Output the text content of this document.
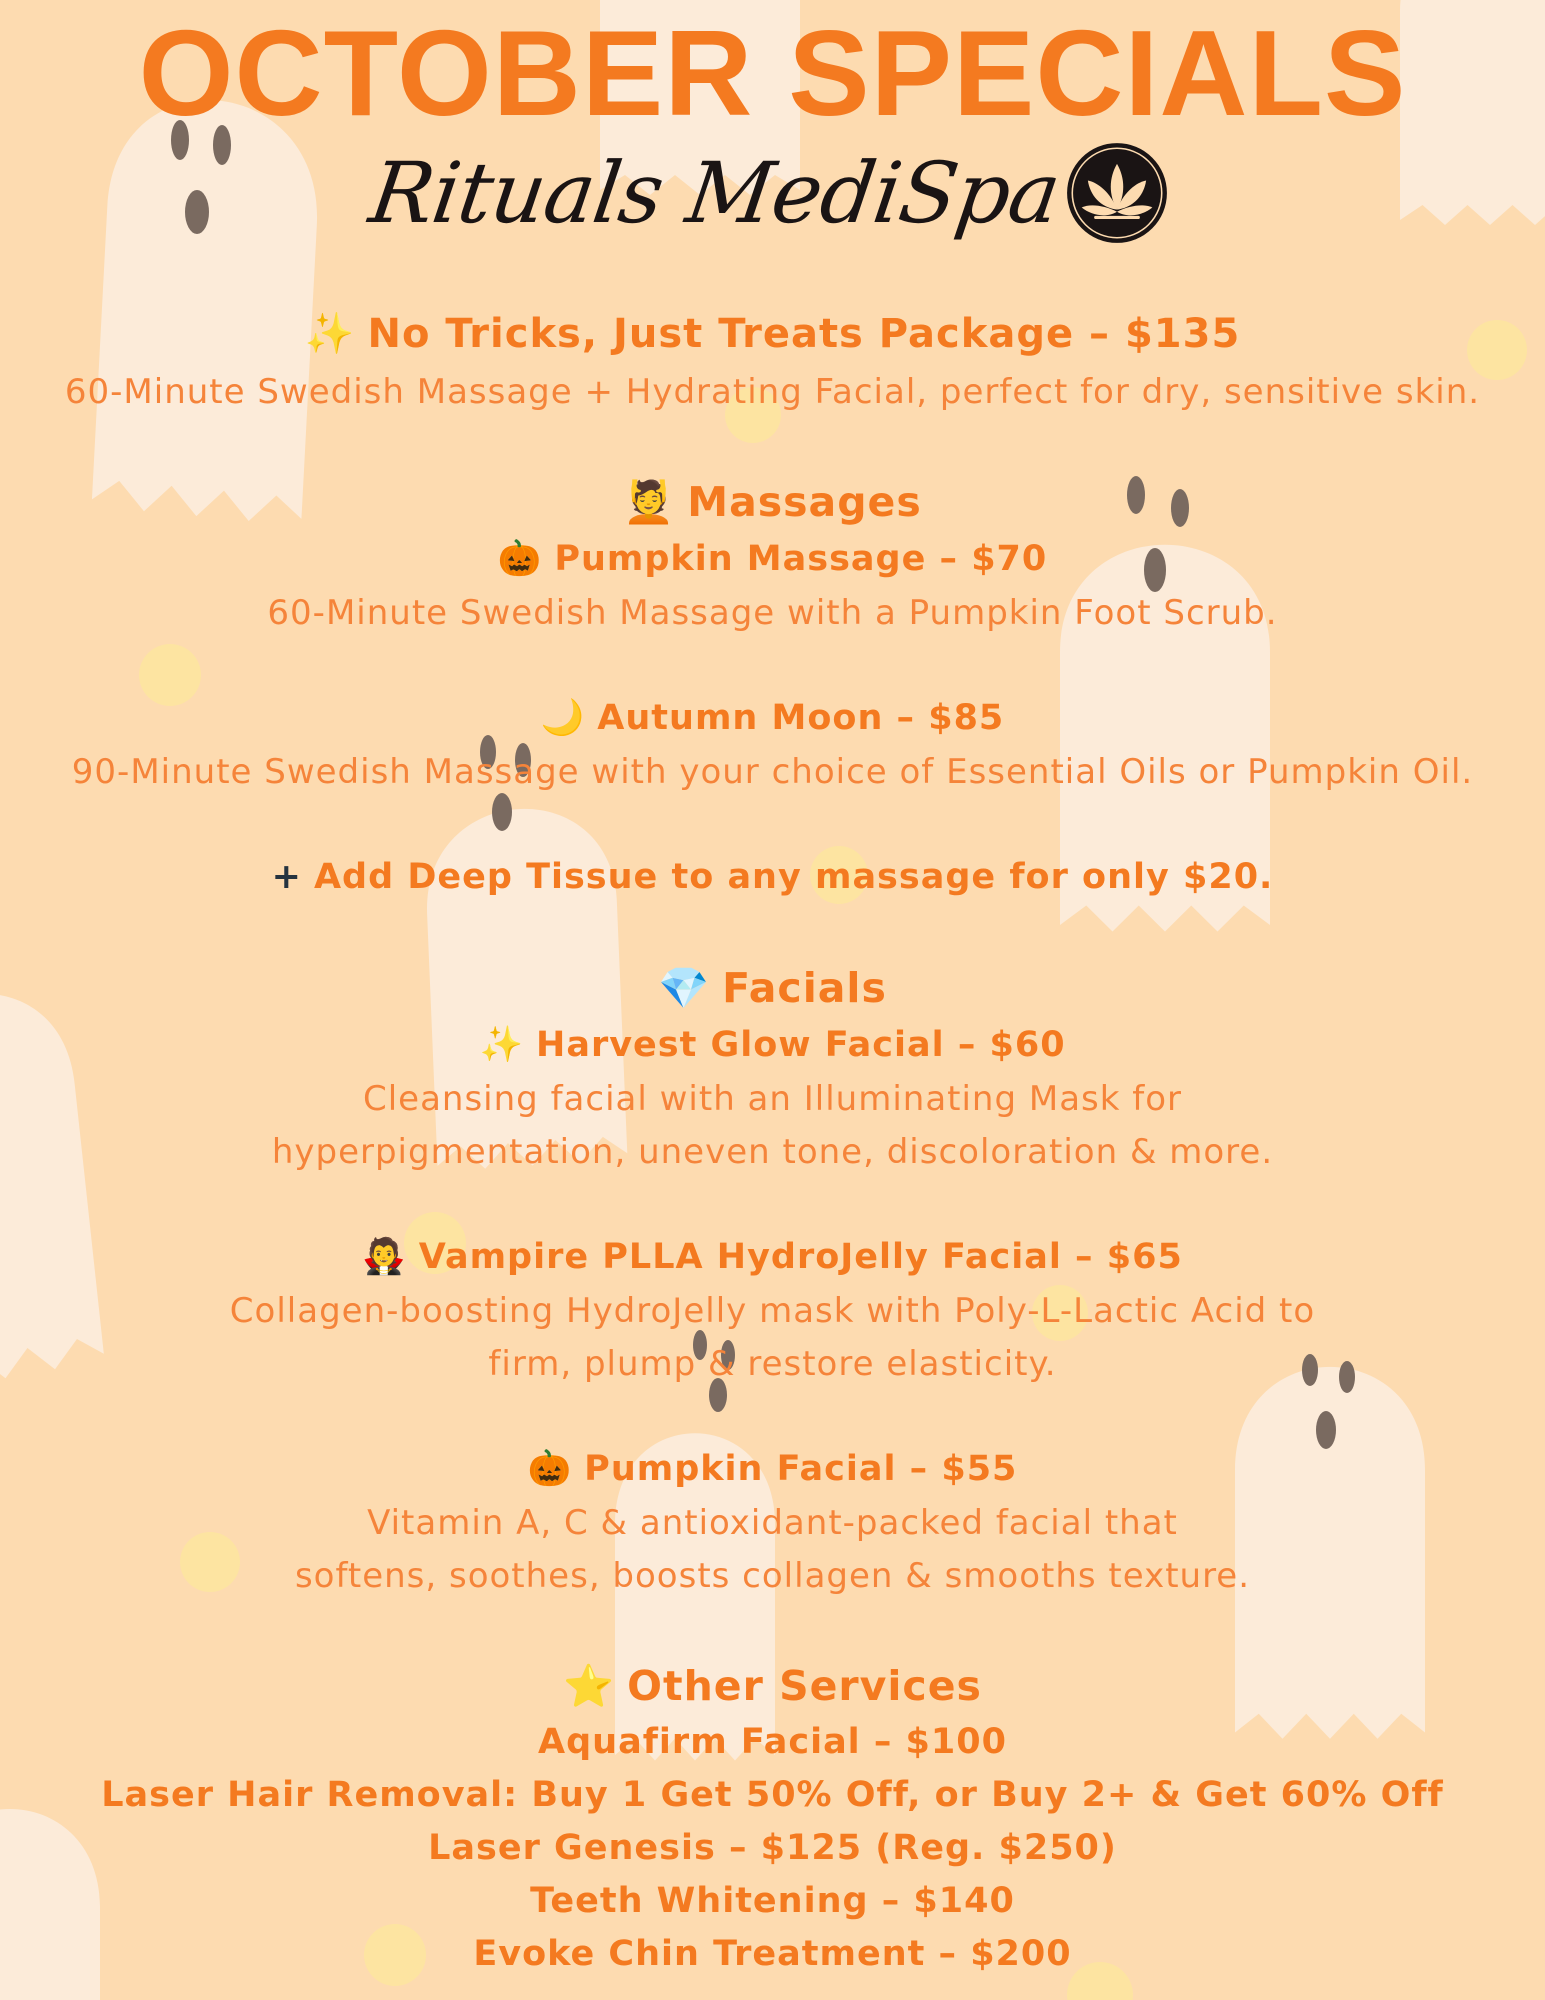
OCTOBER SPECIALS
Rituals MediSpa
✨ No Tricks, Just Treats Package – $135
60-Minute Swedish Massage + Hydrating Facial, perfect for dry, sensitive skin.
💆 Massages
🎃 Pumpkin Massage – $70
60-Minute Swedish Massage with a Pumpkin Foot Scrub.
🌙 Autumn Moon – $85
90-Minute Swedish Massage with your choice of Essential Oils or Pumpkin Oil.
+ Add Deep Tissue to any massage for only $20.
💎 Facials
✨ Harvest Glow Facial – $60
Cleansing facial with an Illuminating Mask for
hyperpigmentation, uneven tone, discoloration & more.
🧛 Vampire PLLA HydroJelly Facial – $65
Collagen-boosting HydroJelly mask with Poly-L-Lactic Acid to
firm, plump & restore elasticity.
🎃 Pumpkin Facial – $55
Vitamin A, C & antioxidant-packed facial that
softens, soothes, boosts collagen & smooths texture.
⭐ Other Services
Aquafirm Facial – $100
Laser Hair Removal: Buy 1 Get 50% Off, or Buy 2+ & Get 60% Off
Laser Genesis – $125 (Reg. $250)
Teeth Whitening – $140
Evoke Chin Treatment – $200
